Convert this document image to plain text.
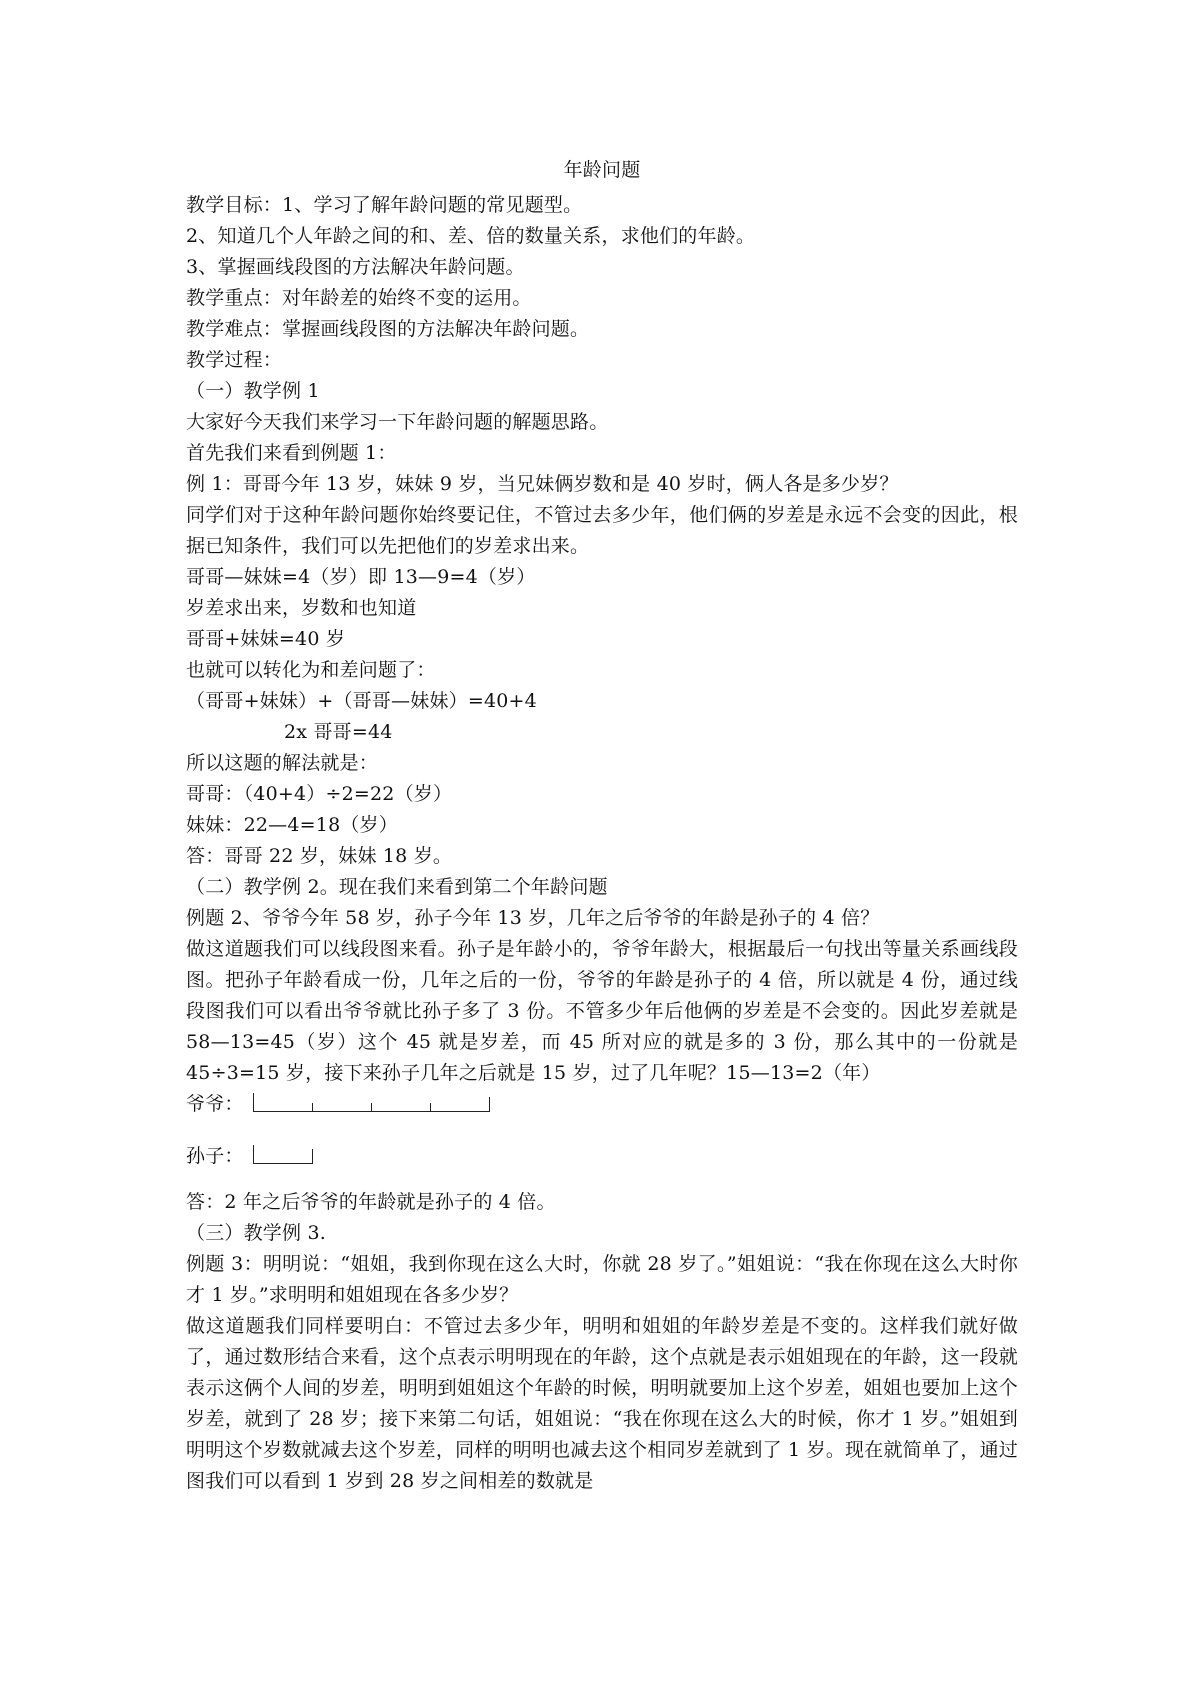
年龄问题

教学目标：1、学习了解年龄问题的常见题型。

2、知道几个人年龄之间的和、差、倍的数量关系，求他们的年龄。

3、掌握画线段图的方法解决年龄问题。

教学重点：对年龄差的始终不变的运用。

教学难点：掌握画线段图的方法解决年龄问题。

教学过程：

（一）教学例 1

大家好今天我们来学习一下年龄问题的解题思路。

首先我们来看到例题 1：

例 1：哥哥今年 13 岁，妹妹 9 岁，当兄妹俩岁数和是 40 岁时，俩人各是多少岁？

同学们对于这种年龄问题你始终要记住，不管过去多少年，他们俩的岁差是永远不会变的因此，根据已知条件，我们可以先把他们的岁差求出来。

哥哥—妹妹=4（岁）即 13—9=4（岁）

岁差求出来，岁数和也知道

哥哥+妹妹=40 岁

也就可以转化为和差问题了：

（哥哥+妹妹）+（哥哥—妹妹）=40+4

2x 哥哥=44

所以这题的解法就是：

哥哥：（40+4）÷2=22（岁）

妹妹：22—4=18（岁）

答：哥哥 22 岁，妹妹 18 岁。

（二）教学例 2。现在我们来看到第二个年龄问题

例题 2、爷爷今年 58 岁，孙子今年 13 岁，几年之后爷爷的年龄是孙子的 4 倍？

做这道题我们可以线段图来看。孙子是年龄小的，爷爷年龄大，根据最后一句找出等量关系画线段图。把孙子年龄看成一份，几年之后的一份，爷爷的年龄是孙子的 4 倍，所以就是 4 份，通过线段图我们可以看出爷爷就比孙子多了 3 份。不管多少年后他俩的岁差是不会变的。因此岁差就是 58—13=45（岁）这个 45 就是岁差，而 45 所对应的就是多的 3 份，那么其中的一份就是 45÷3=15 岁，接下来孙子几年之后就是 15 岁，过了几年呢？15—13=2（年）

爷爷：
孙子：

答：2 年之后爷爷的年龄就是孙子的 4 倍。

（三）教学例 3.

例题 3：明明说：“姐姐，我到你现在这么大时，你就 28 岁了。”姐姐说：“我在你现在这么大时你才 1 岁。”求明明和姐姐现在各多少岁？

做这道题我们同样要明白：不管过去多少年，明明和姐姐的年龄岁差是不变的。这样我们就好做了，通过数形结合来看，这个点表示明明现在的年龄，这个点就是表示姐姐现在的年龄，这一段就表示这俩个人间的岁差，明明到姐姐这个年龄的时候，明明就要加上这个岁差，姐姐也要加上这个岁差，就到了 28 岁；接下来第二句话，姐姐说：“我在你现在这么大的时候，你才 1 岁。”姐姐到明明这个岁数就减去这个岁差，同样的明明也减去这个相同岁差就到了 1 岁。现在就简单了，通过图我们可以看到 1 岁到 28 岁之间相差的数就是
